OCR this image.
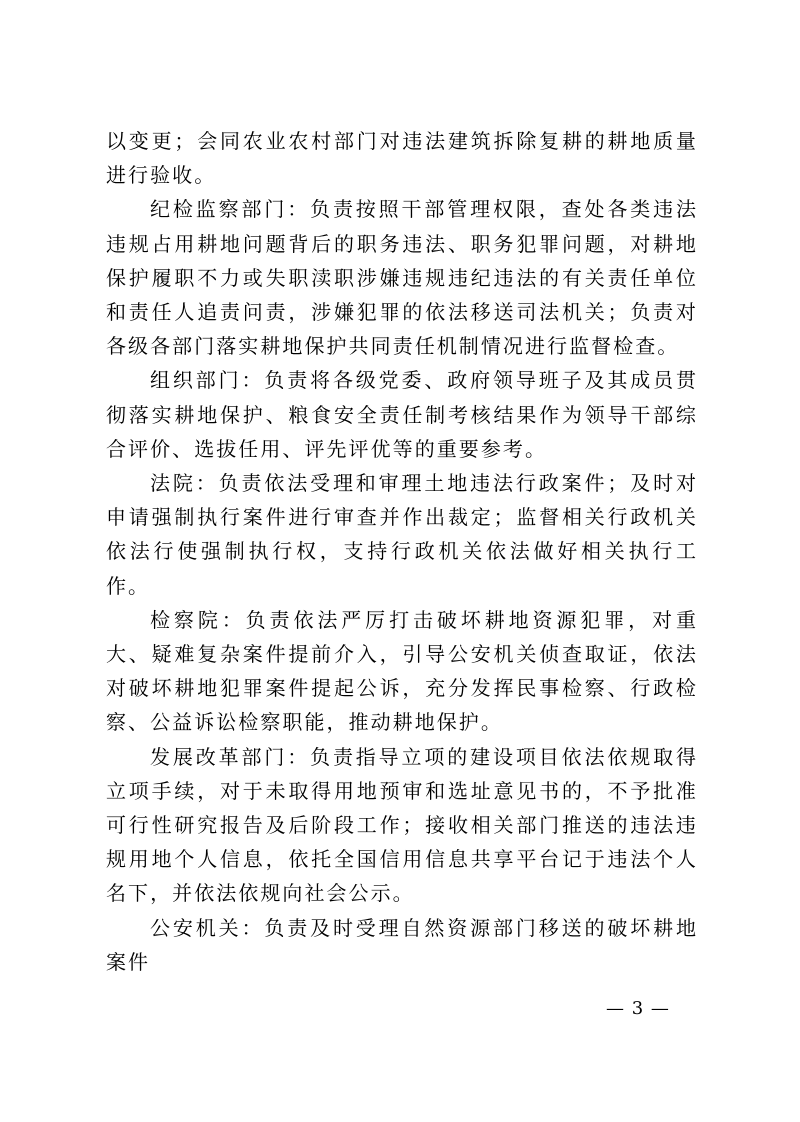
以变更；会同农业农村部门对违法建筑拆除复耕的耕地质量进行验收。

纪检监察部门：负责按照干部管理权限，查处各类违法违规占用耕地问题背后的职务违法、职务犯罪问题，对耕地保护履职不力或失职渎职涉嫌违规违纪违法的有关责任单位和责任人追责问责，涉嫌犯罪的依法移送司法机关；负责对各级各部门落实耕地保护共同责任机制情况进行监督检查。

组织部门：负责将各级党委、政府领导班子及其成员贯彻落实耕地保护、粮食安全责任制考核结果作为领导干部综合评价、选拔任用、评先评优等的重要参考。

法院：负责依法受理和审理土地违法行政案件；及时对申请强制执行案件进行审查并作出裁定；监督相关行政机关依法行使强制执行权，支持行政机关依法做好相关执行工作。

检察院：负责依法严厉打击破坏耕地资源犯罪，对重大、疑难复杂案件提前介入，引导公安机关侦查取证，依法对破坏耕地犯罪案件提起公诉，充分发挥民事检察、行政检察、公益诉讼检察职能，推动耕地保护。

发展改革部门：负责指导立项的建设项目依法依规取得立项手续，对于未取得用地预审和选址意见书的，不予批准可行性研究报告及后阶段工作；接收相关部门推送的违法违规用地个人信息，依托全国信用信息共享平台记于违法个人名下，并依法依规向社会公示。

公安机关：负责及时受理自然资源部门移送的破坏耕地案件

— 3 —
